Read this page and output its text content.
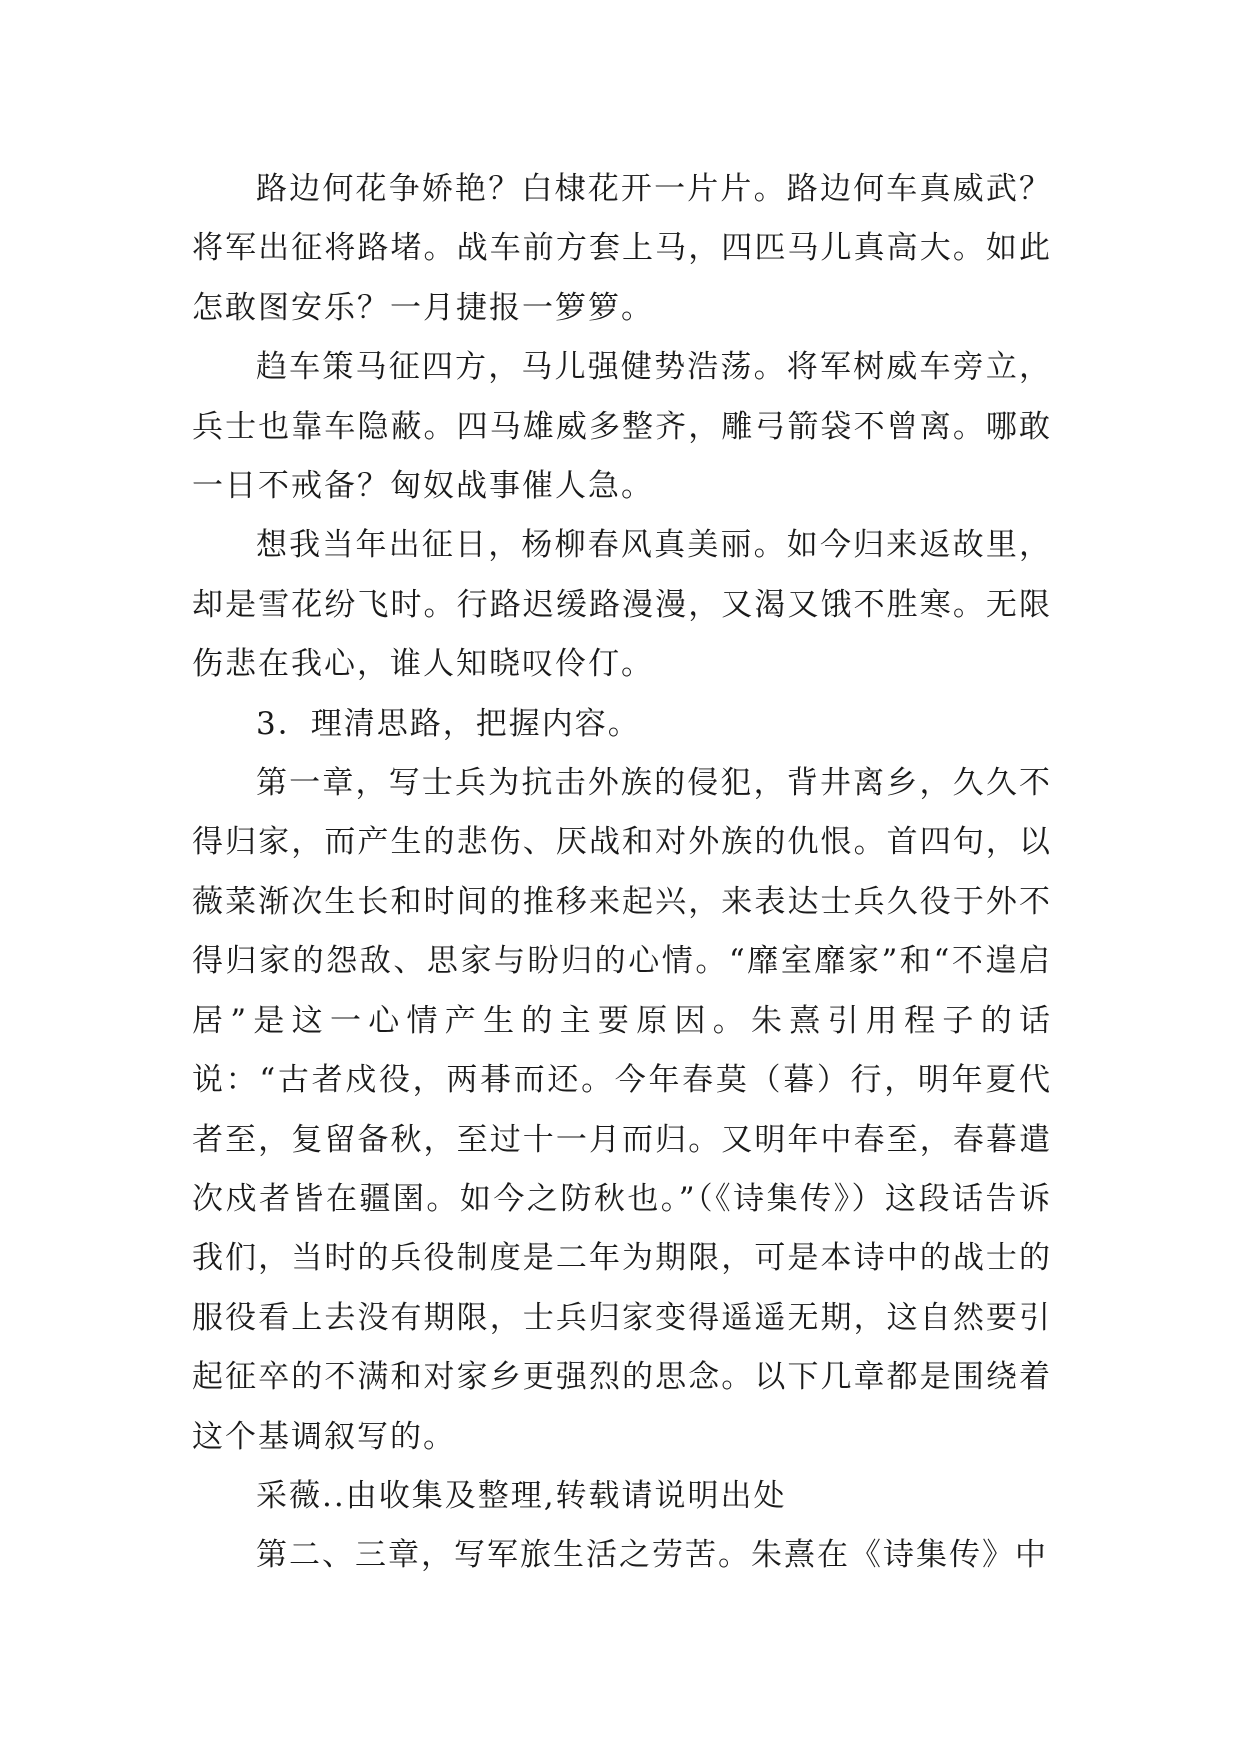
路边何花争娇艳？白棣花开一片片。路边何车真威武？将军出征将路堵。战车前方套上马，四匹马儿真高大。如此怎敢图安乐？一月捷报一箩箩。

趋车策马征四方，马儿强健势浩荡。将军树威车旁立，兵士也靠车隐蔽。四马雄威多整齐，雕弓箭袋不曾离。哪敢一日不戒备？匈奴战事催人急。

想我当年出征日，杨柳春风真美丽。如今归来返故里，却是雪花纷飞时。行路迟缓路漫漫，又渴又饿不胜寒。无限伤悲在我心，谁人知晓叹伶仃。

3．理清思路，把握内容。

第一章，写士兵为抗击外族的侵犯，背井离乡，久久不得归家，而产生的悲伤、厌战和对外族的仇恨。首四句，以薇菜渐次生长和时间的推移来起兴，来表达士兵久役于外不得归家的怨敌、思家与盼归的心情。“靡室靡家”和“不遑启居”是这一心情产生的主要原因。朱熹引用程子的话说：“古者戍役，两朞而还。今年春莫（暮）行，明年夏代者至，复留备秋，至过十一月而归。又明年中春至，春暮遣次戍者皆在疆圉。如今之防秋也。”（《诗集传》）这段话告诉我们，当时的兵役制度是二年为期限，可是本诗中的战士的服役看上去没有期限，士兵归家变得遥遥无期，这自然要引起征卒的不满和对家乡更强烈的思念。以下几章都是围绕着这个基调叙写的。

采薇..由收集及整理,转载请说明出处

第二、三章，写军旅生活之劳苦。朱熹在《诗集传》中
